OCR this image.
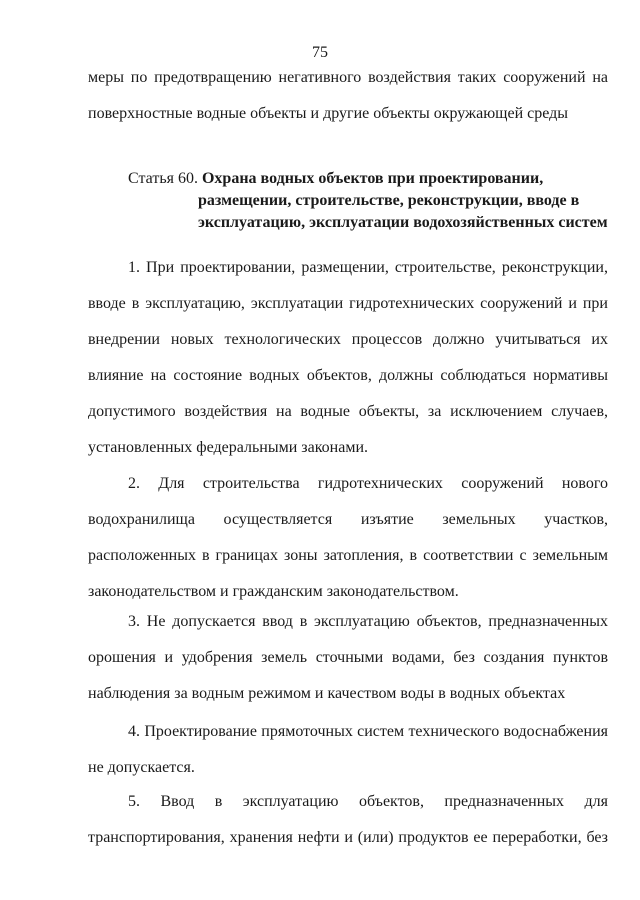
75
меры по предотвращению негативного воздействия таких сооружений на
поверхностные водные объекты и другие объекты окружающей среды
Статья 60. Охрана водных объектов при проектировании,
размещении, строительстве, реконструкции, вводе в
эксплуатацию, эксплуатации водохозяйственных систем
1. При проектировании, размещении, строительстве, реконструкции,
вводе в эксплуатацию, эксплуатации гидротехнических сооружений и при
внедрении новых технологических процессов должно учитываться их
влияние на состояние водных объектов, должны соблюдаться нормативы
допустимого воздействия на водные объекты, за исключением случаев,
установленных федеральными законами.
2. Для строительства гидротехнических сооружений нового
водохранилища осуществляется изъятие земельных участков,
расположенных в границах зоны затопления, в соответствии с земельным
законодательством и гражданским законодательством.
3. Не допускается ввод в эксплуатацию объектов, предназначенных
орошения и удобрения земель сточными водами, без создания пунктов
наблюдения за водным режимом и качеством воды в водных объектах
4. Проектирование прямоточных систем технического водоснабжения
не допускается.
5. Ввод в эксплуатацию объектов, предназначенных для
транспортирования, хранения нефти и (или) продуктов ее переработки, без
